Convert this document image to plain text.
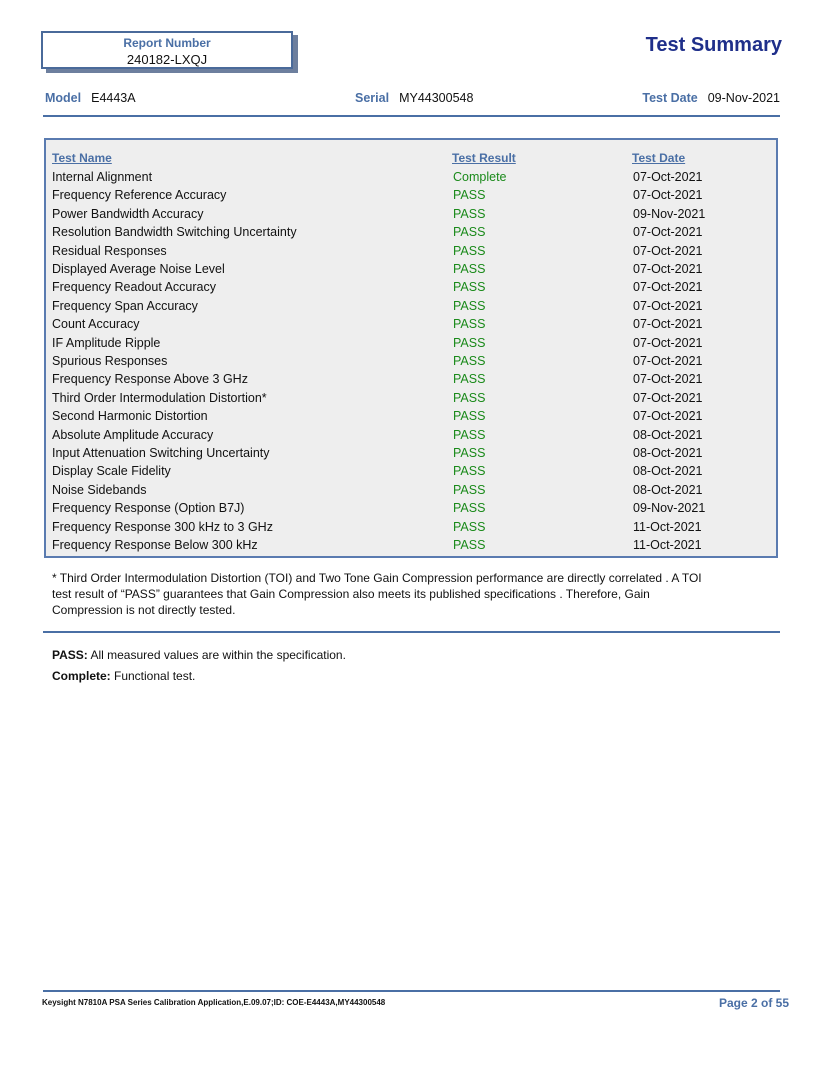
Report Number
240182-LXQJ
Test Summary
Model E4443A	Serial MY44300548	Test Date 09-Nov-2021
Test Name	Test Result	Test Date
Internal Alignment	Complete	07-Oct-2021
Frequency Reference Accuracy	PASS	07-Oct-2021
Power Bandwidth Accuracy	PASS	09-Nov-2021
Resolution Bandwidth Switching Uncertainty	PASS	07-Oct-2021
Residual Responses	PASS	07-Oct-2021
Displayed Average Noise Level	PASS	07-Oct-2021
Frequency Readout Accuracy	PASS	07-Oct-2021
Frequency Span Accuracy	PASS	07-Oct-2021
Count Accuracy	PASS	07-Oct-2021
IF Amplitude Ripple	PASS	07-Oct-2021
Spurious Responses	PASS	07-Oct-2021
Frequency Response Above 3 GHz	PASS	07-Oct-2021
Third Order Intermodulation Distortion*	PASS	07-Oct-2021
Second Harmonic Distortion	PASS	07-Oct-2021
Absolute Amplitude Accuracy	PASS	08-Oct-2021
Input Attenuation Switching Uncertainty	PASS	08-Oct-2021
Display Scale Fidelity	PASS	08-Oct-2021
Noise Sidebands	PASS	08-Oct-2021
Frequency Response (Option B7J)	PASS	09-Nov-2021
Frequency Response 300 kHz to 3 GHz	PASS	11-Oct-2021
Frequency Response Below 300 kHz	PASS	11-Oct-2021
* Third Order Intermodulation Distortion (TOI) and Two Tone Gain Compression performance are directly correlated . A TOI test result of “PASS” guarantees that Gain Compression also meets its published specifications . Therefore, Gain Compression is not directly tested.
PASS: All measured values are within the specification.
Complete: Functional test.
Keysight N7810A PSA Series Calibration Application,E.09.07;ID: COE-E4443A,MY44300548	Page 2 of 55
